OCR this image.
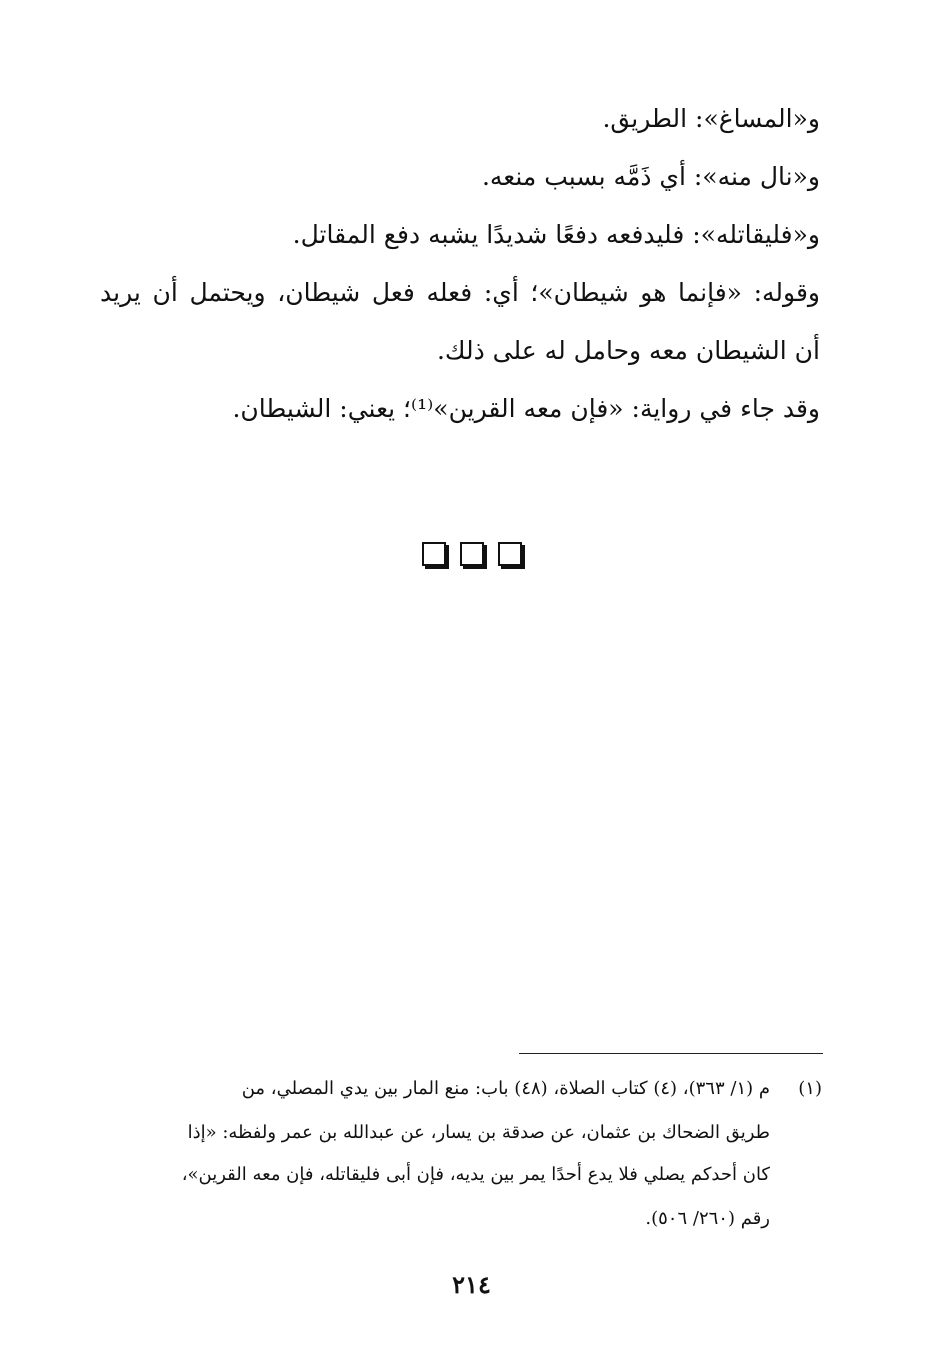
و«المساغ»: الطريق.
و«نال منه»: أي ذَمَّه بسبب منعه.
و«فليقاتله»: فليدفعه دفعًا شديدًا يشبه دفع المقاتل.
وقوله: «فإنما هو شيطان»؛ أي: فعله فعل شيطان، ويحتمل أن يريد
أن الشيطان معه وحامل له على ذلك.
وقد جاء في رواية: «فإن معه القرين»⁽¹⁾؛ يعني: الشيطان.
(١)
م (١/ ٣٦٣)، (٤) كتاب الصلاة، (٤٨) باب: منع المار بين يدي المصلي، من
طريق الضحاك بن عثمان، عن صدقة بن يسار، عن عبدالله بن عمر ولفظه: «إذا
كان أحدكم يصلي فلا يدع أحدًا يمر بين يديه، فإن أبى فليقاتله، فإن معه القرين»،
رقم (٢٦٠/ ٥٠٦).
٢١٤
